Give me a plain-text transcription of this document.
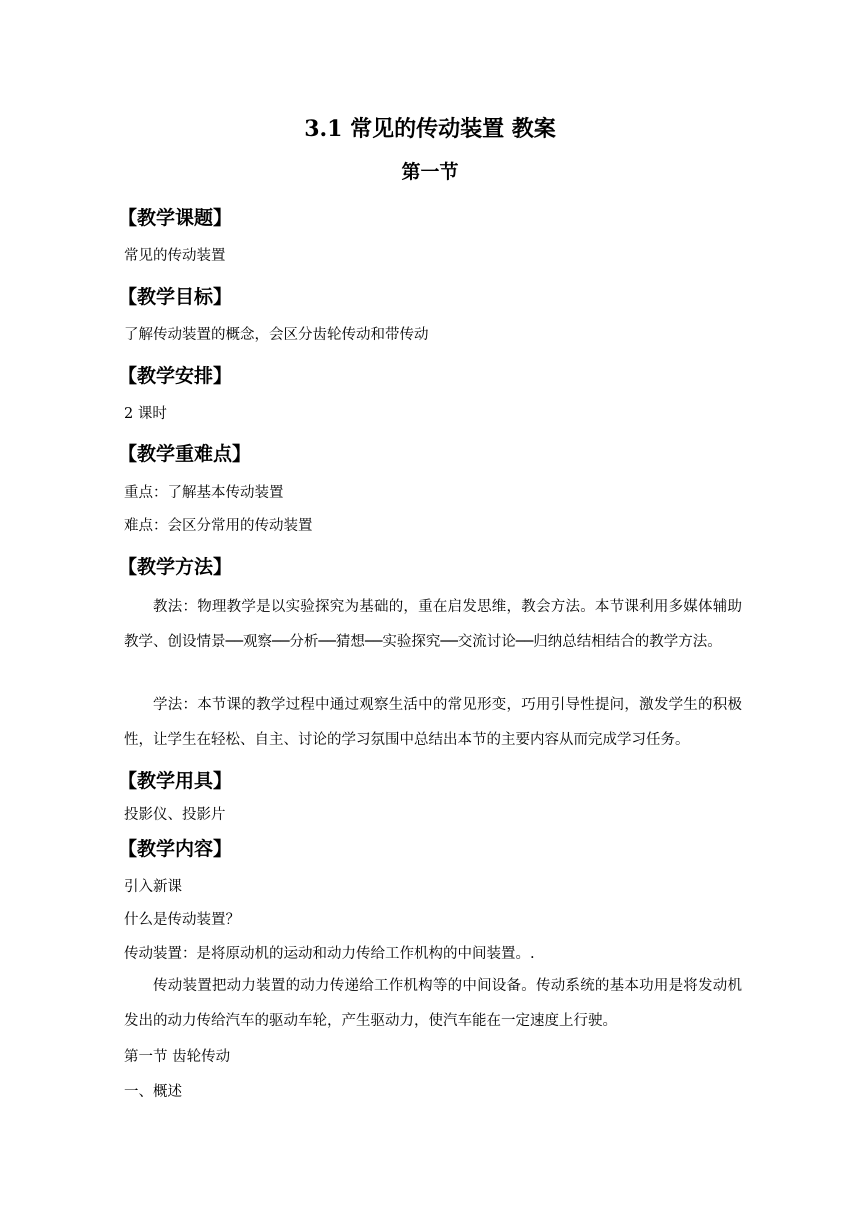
3.1 常见的传动装置 教案
第一节
【教学课题】
常见的传动装置
【教学目标】
了解传动装置的概念，会区分齿轮传动和带传动
【教学安排】
2 课时
【教学重难点】
重点：了解基本传动装置
难点：会区分常用的传动装置
【教学方法】
教法：物理教学是以实验探究为基础的，重在启发思维，教会方法。本节课利用多媒体辅助教学、创设情景──观察──分析──猜想──实验探究──交流讨论──归纳总结相结合的教学方法。
学法：本节课的教学过程中通过观察生活中的常见形变，巧用引导性提问，激发学生的积极性，让学生在轻松、自主、讨论的学习氛围中总结出本节的主要内容从而完成学习任务。
【教学用具】
投影仪、投影片
【教学内容】
引入新课
什么是传动装置？
传动装置：是将原动机的运动和动力传给工作机构的中间装置。.
传动装置把动力装置的动力传递给工作机构等的中间设备。传动系统的基本功用是将发动机发出的动力传给汽车的驱动车轮，产生驱动力，使汽车能在一定速度上行驶。
第一节 齿轮传动
一、概述
